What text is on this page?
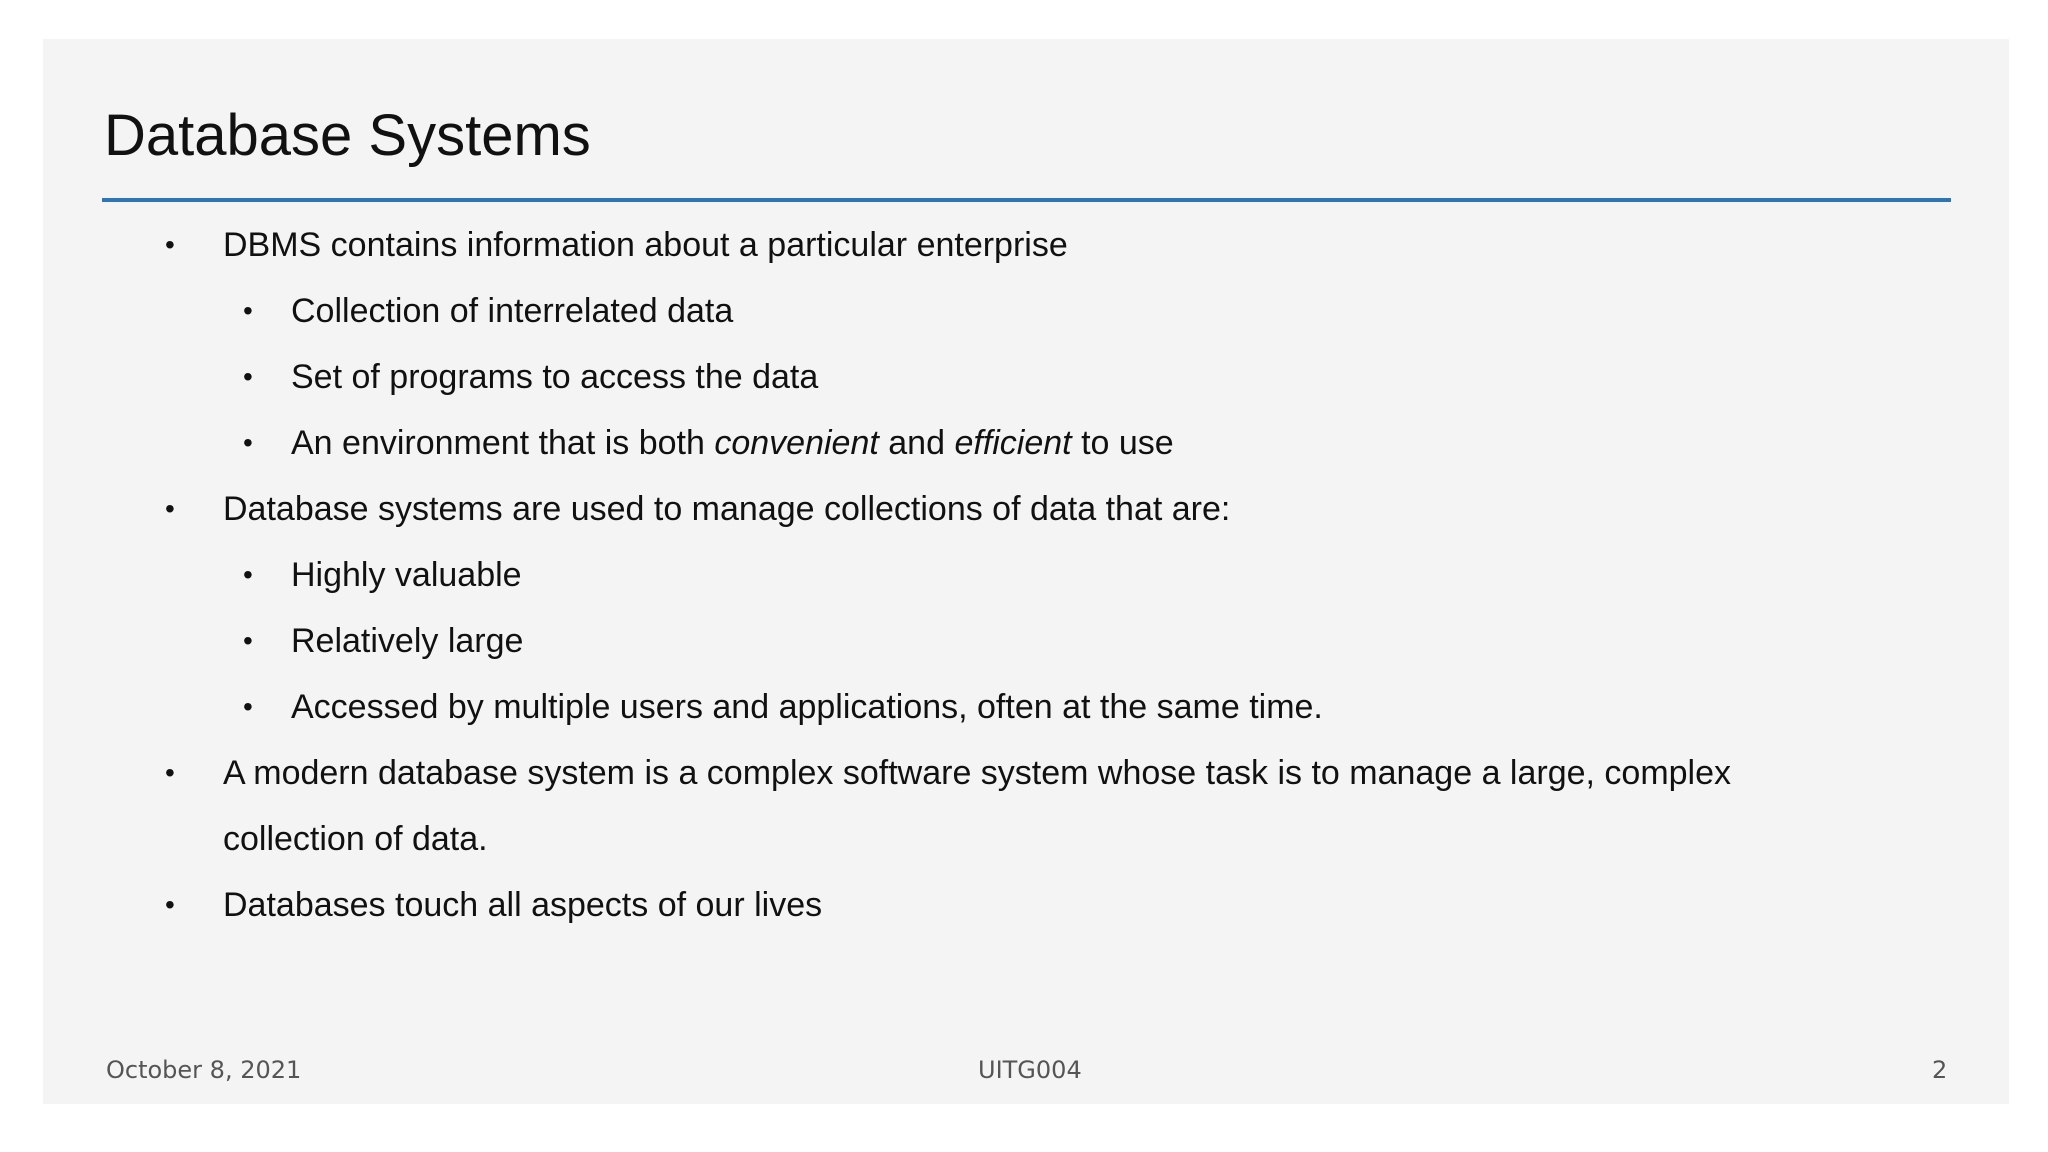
Database Systems
• DBMS contains information about a particular enterprise
• Collection of interrelated data
• Set of programs to access the data
• An environment that is both convenient and efficient to use
• Database systems are used to manage collections of data that are:
• Highly valuable
• Relatively large
• Accessed by multiple users and applications, often at the same time.
• A modern database system is a complex software system whose task is to manage a large, complex
collection of data.
• Databases touch all aspects of our lives
October 8, 2021	UITG004	2
